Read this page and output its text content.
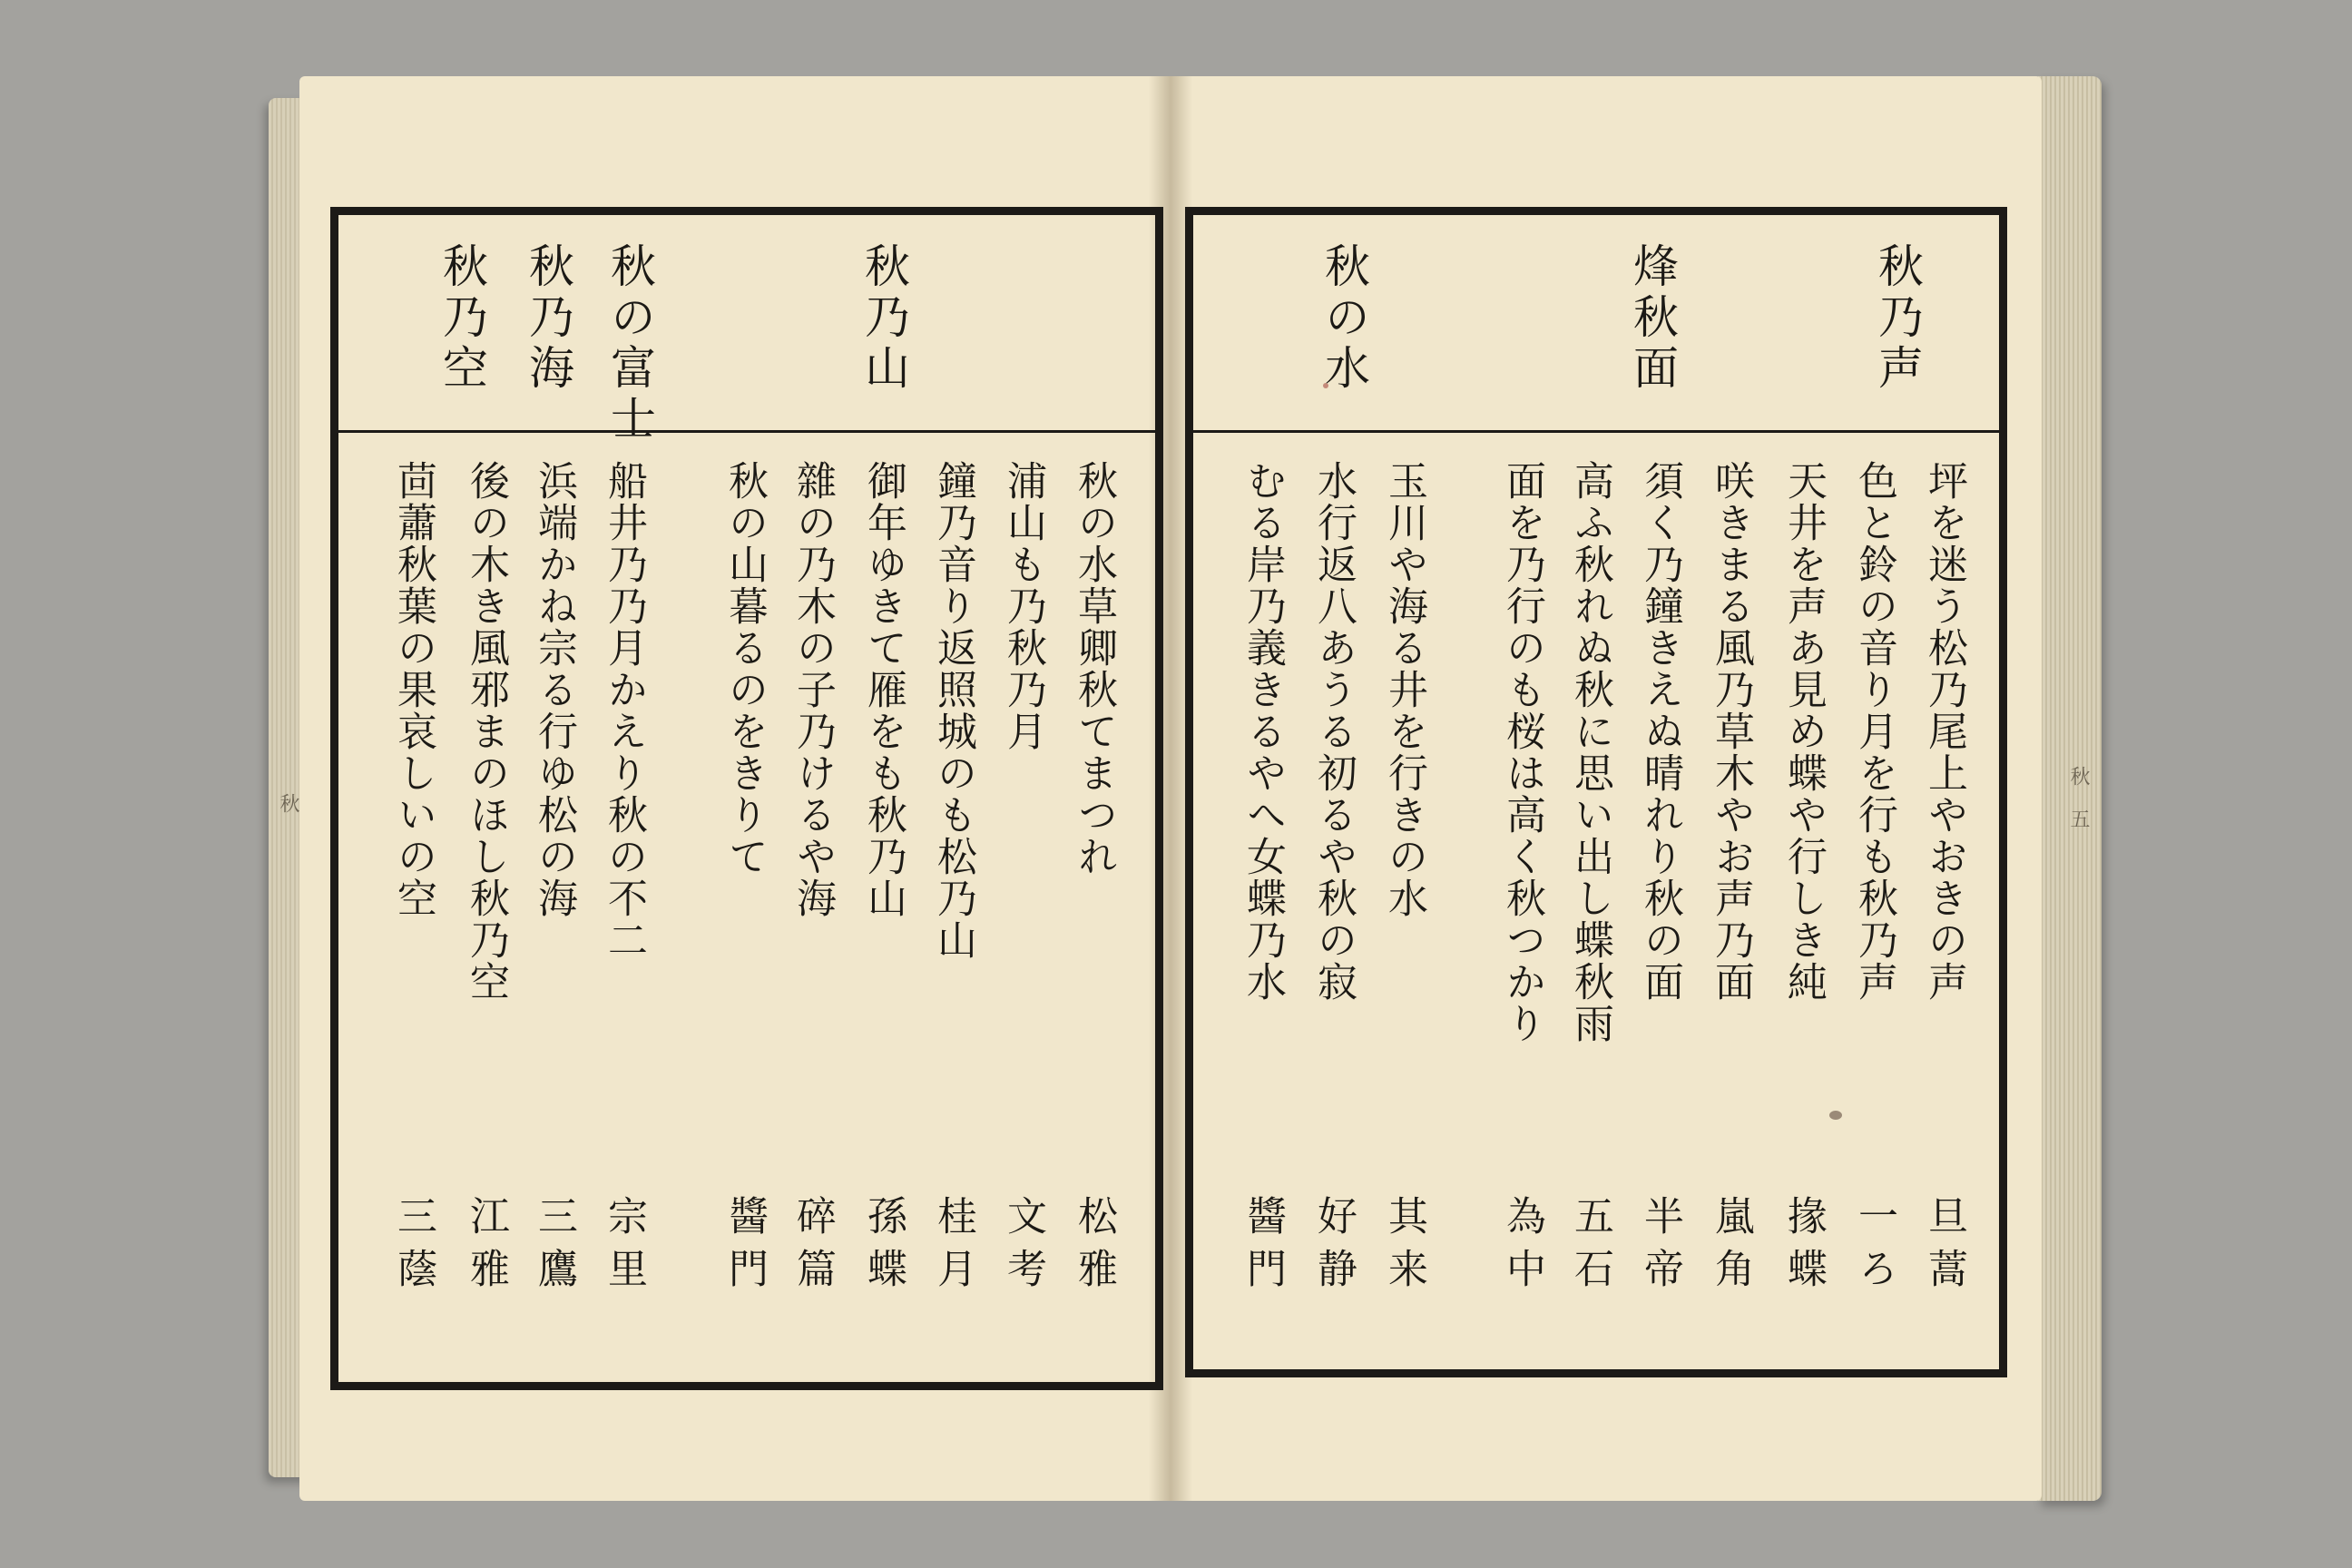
秋	秋 五
秋乃山
秋の富士
秋乃海
秋乃空
秋の水草卿秋てまつれ
松雅
浦山も乃秋乃月
文考
鐘乃音り返照城のも松乃山
桂月
御年ゆきて雁をも秋乃山
孫蝶
雜の乃木の子乃けるや海
碎篇
秋の山暮るのをきりて
醬門
船井乃乃月かえり秋の不二
宗里
浜端かね宗る行ゆ松の海
三鷹
後の木き風邪まのほし秋乃空
江雅
茴蕭秋葉の果哀しいの空
三蔭
秋乃声
烽秋面
秋の水
坪を迷う松乃尾上やおきの声
旦蒿
色と鈴の音り月を行も秋乃声
一ろ
天井を声あ見め蝶や行しき純
掾蝶
咲きまる風乃草木やお声乃面
嵐角
須く乃鐘きえぬ晴れり秋の面
半帝
高ふ秋れぬ秋に思い出し蝶秋雨
五石
面を乃行のも桜は高く秋つかり
為中
玉川や海る井を行きの水
其来
水行返八あうる初るや秋の寂
好静
むる岸乃義きるやへ女蝶乃水
醬門
